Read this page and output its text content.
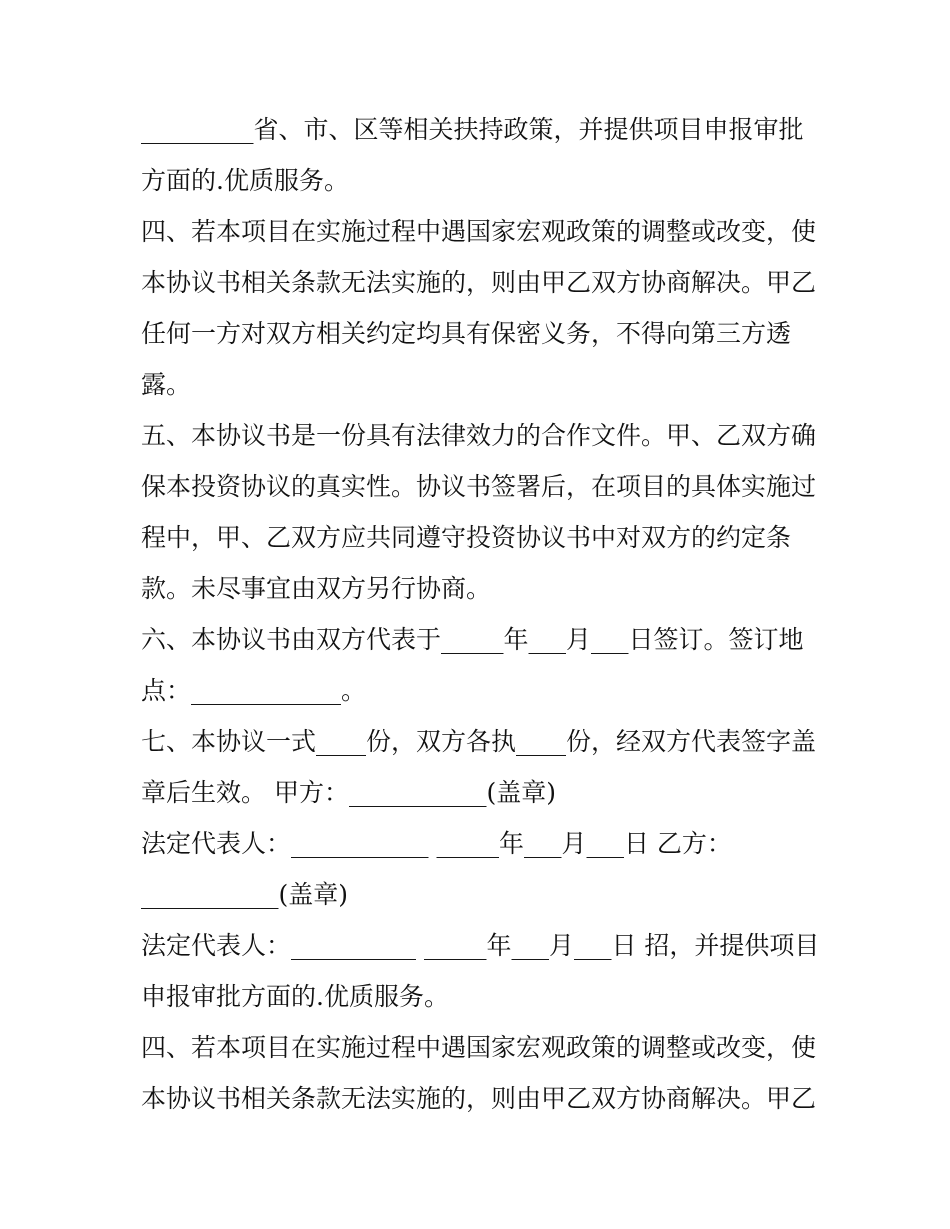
_________省、市、区等相关扶持政策，并提供项目申报审批
方面的.优质服务。
四、若本项目在实施过程中遇国家宏观政策的调整或改变，使
本协议书相关条款无法实施的，则由甲乙双方协商解决。甲乙
任何一方对双方相关约定均具有保密义务，不得向第三方透
露。
五、本协议书是一份具有法律效力的合作文件。甲、乙双方确
保本投资协议的真实性。协议书签署后，在项目的具体实施过
程中，甲、乙双方应共同遵守投资协议书中对双方的约定条
款。未尽事宜由双方另行协商。
六、本协议书由双方代表于_____年___月___日签订。签订地
点：____________。
七、本协议一式____份，双方各执____份，经双方代表签字盖
章后生效。 甲方：___________(盖章)
法定代表人：___________ _____年___月___日 乙方：
___________(盖章)
法定代表人：__________ _____年___月___日 招，并提供项目
申报审批方面的.优质服务。
四、若本项目在实施过程中遇国家宏观政策的调整或改变，使
本协议书相关条款无法实施的，则由甲乙双方协商解决。甲乙
